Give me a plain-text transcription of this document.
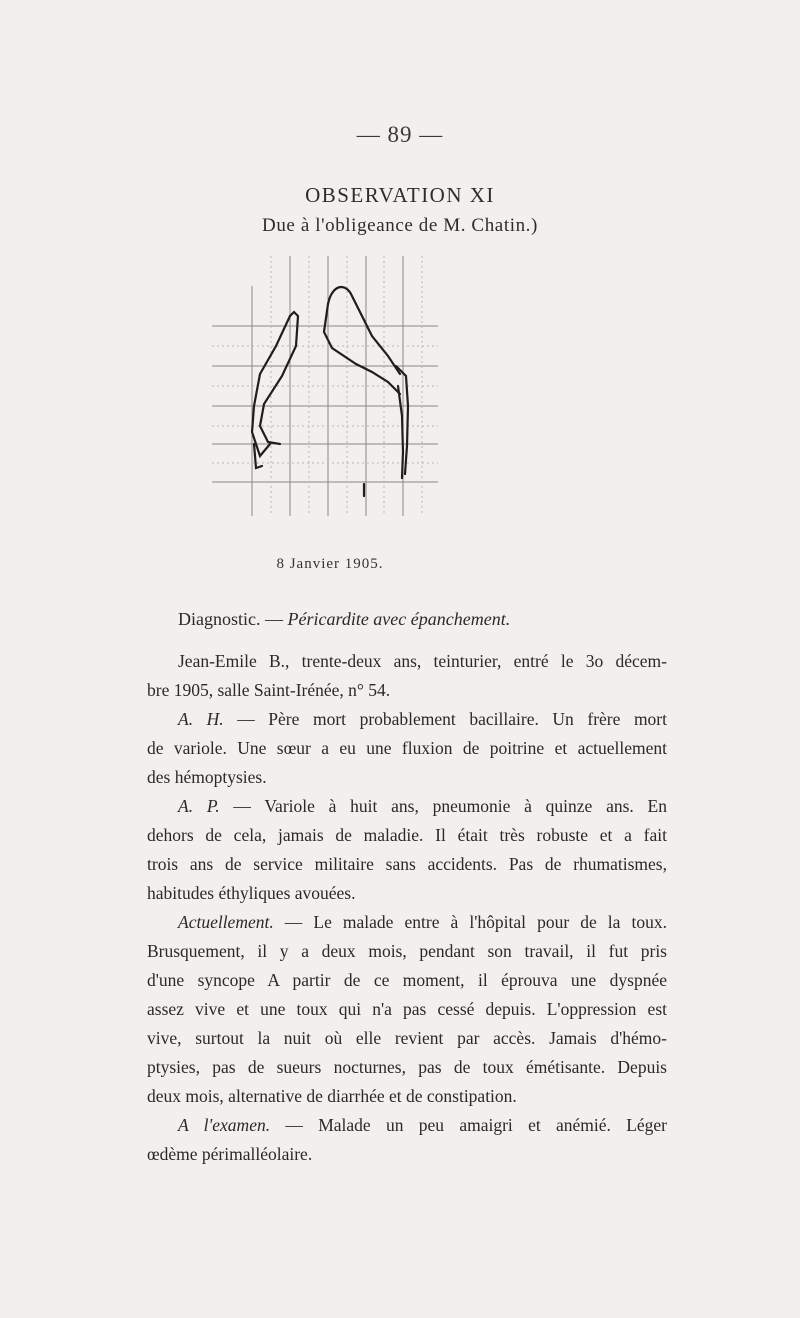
— 89 —
OBSERVATION XI
Due à l'obligeance de M. Chatin.)
8 Janvier 1905.
Diagnostic. — Péricardite avec épanchement.

Jean-Emile B., trente-deux ans, teinturier, entré le 3o décem-

bre 1905, salle Saint-Irénée, n° 54.

A. H. — Père mort probablement bacillaire. Un frère mort

de variole. Une sœur a eu une fluxion de poitrine et actuellement

des hémoptysies.

A. P. — Variole à huit ans, pneumonie à quinze ans. En

dehors de cela, jamais de maladie. Il était très robuste et a fait

trois ans de service militaire sans accidents. Pas de rhumatismes,

habitudes éthyliques avouées.

Actuellement. — Le malade entre à l'hôpital pour de la toux.

Brusquement, il y a deux mois, pendant son travail, il fut pris

d'une syncope A partir de ce moment, il éprouva une dyspnée

assez vive et une toux qui n'a pas cessé depuis. L'oppression est

vive, surtout la nuit où elle revient par accès. Jamais d'hémo-

ptysies, pas de sueurs nocturnes, pas de toux émétisante. Depuis

deux mois, alternative de diarrhée et de constipation.

A l'examen. — Malade un peu amaigri et anémié. Léger

œdème périmalléolaire.
